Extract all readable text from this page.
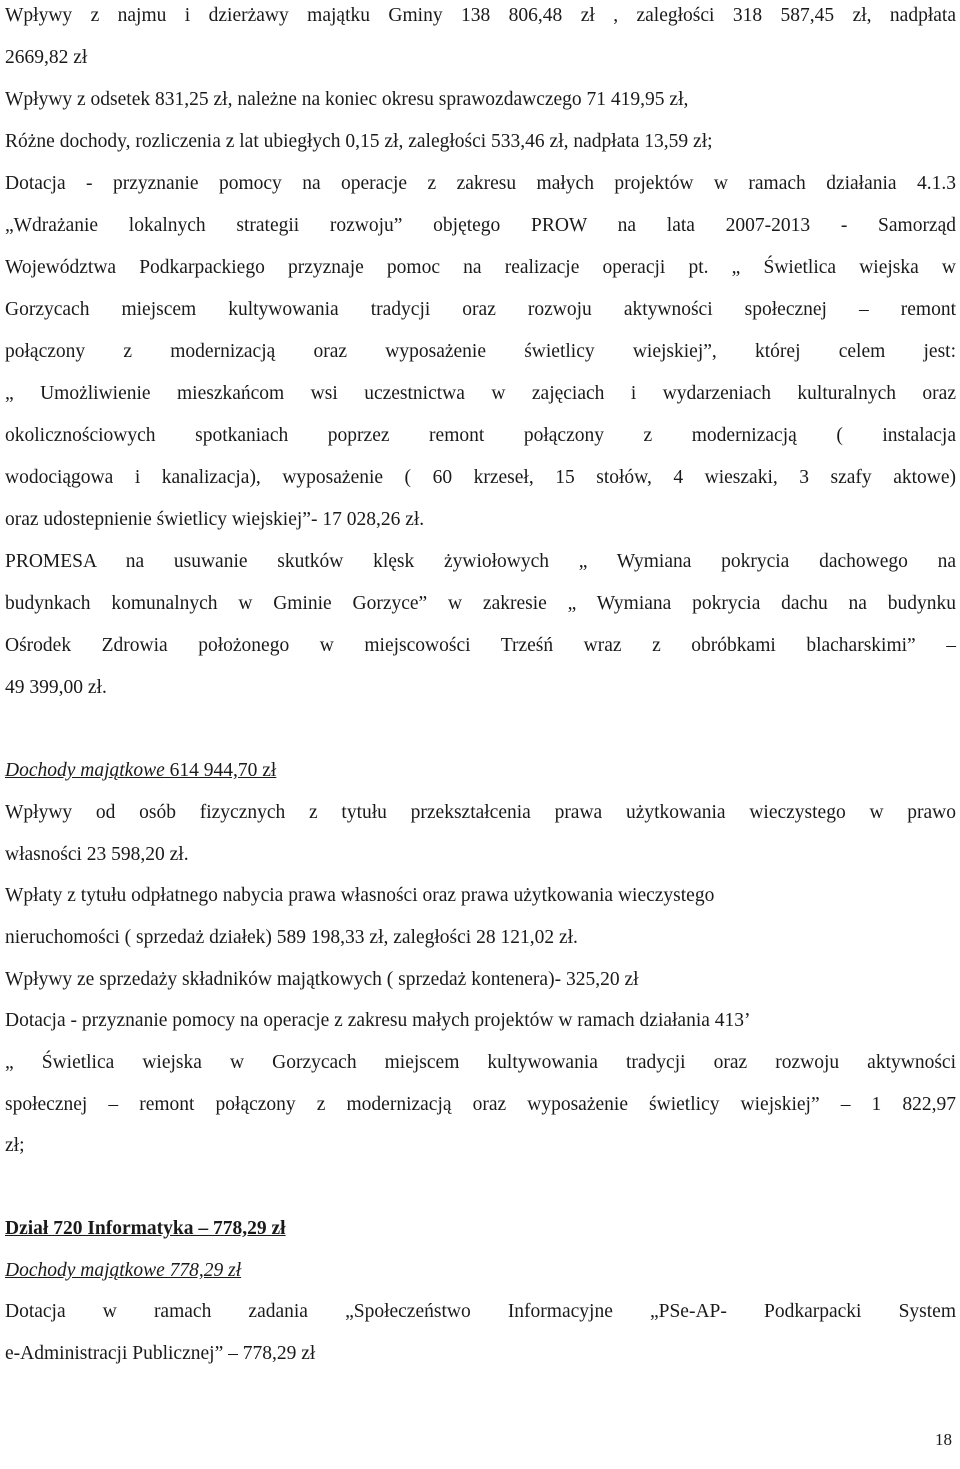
Wpływy z najmu i dzierżawy majątku Gminy 138 806,48 zł , zaległości 318 587,45 zł, nadpłata
2669,82 zł
Wpływy z odsetek 831,25 zł, należne na koniec okresu sprawozdawczego 71 419,95 zł,
Różne dochody, rozliczenia z lat ubiegłych 0,15 zł, zaległości 533,46 zł, nadpłata 13,59 zł;
Dotacja - przyznanie pomocy na operacje z zakresu małych projektów w ramach działania 4.1.3
„Wdrażanie lokalnych strategii rozwoju” objętego PROW na lata 2007-2013 - Samorząd
Województwa Podkarpackiego przyznaje pomoc na realizacje operacji pt. „ Świetlica wiejska w
Gorzycach miejscem kultywowania tradycji oraz rozwoju aktywności społecznej – remont
połączony z modernizacją oraz wyposażenie świetlicy wiejskiej”, której celem jest:
„ Umożliwienie mieszkańcom wsi uczestnictwa w zajęciach i wydarzeniach kulturalnych oraz
okolicznościowych spotkaniach poprzez remont połączony z modernizacją ( instalacja
wodociągowa i kanalizacja), wyposażenie ( 60 krzeseł, 15 stołów, 4 wieszaki, 3 szafy aktowe)
oraz udostepnienie świetlicy wiejskiej”- 17 028,26 zł.
PROMESA na usuwanie skutków klęsk żywiołowych „ Wymiana pokrycia dachowego na
budynkach komunalnych w Gminie Gorzyce” w zakresie „ Wymiana pokrycia dachu na budynku
Ośrodek Zdrowia położonego w miejscowości Trześń wraz z obróbkami blacharskimi” –
49 399,00 zł.
Dochody majątkowe 614 944,70 zł
Wpływy od osób fizycznych z tytułu przekształcenia prawa użytkowania wieczystego w prawo
własności 23 598,20 zł.
Wpłaty z tytułu odpłatnego nabycia prawa własności oraz prawa użytkowania wieczystego
nieruchomości ( sprzedaż działek) 589 198,33 zł, zaległości 28 121,02 zł.
Wpływy ze sprzedaży składników majątkowych ( sprzedaż kontenera)- 325,20 zł
Dotacja - przyznanie pomocy na operacje z zakresu małych projektów w ramach działania 413’
„ Świetlica wiejska w Gorzycach miejscem kultywowania tradycji oraz rozwoju aktywności
społecznej – remont połączony z modernizacją oraz wyposażenie świetlicy wiejskiej” – 1 822,97
zł;
Dział 720 Informatyka – 778,29 zł
Dochody majątkowe 778,29 zł
Dotacja w ramach zadania „Społeczeństwo Informacyjne „PSe-AP- Podkarpacki System
e-Administracji Publicznej” – 778,29 zł
18
